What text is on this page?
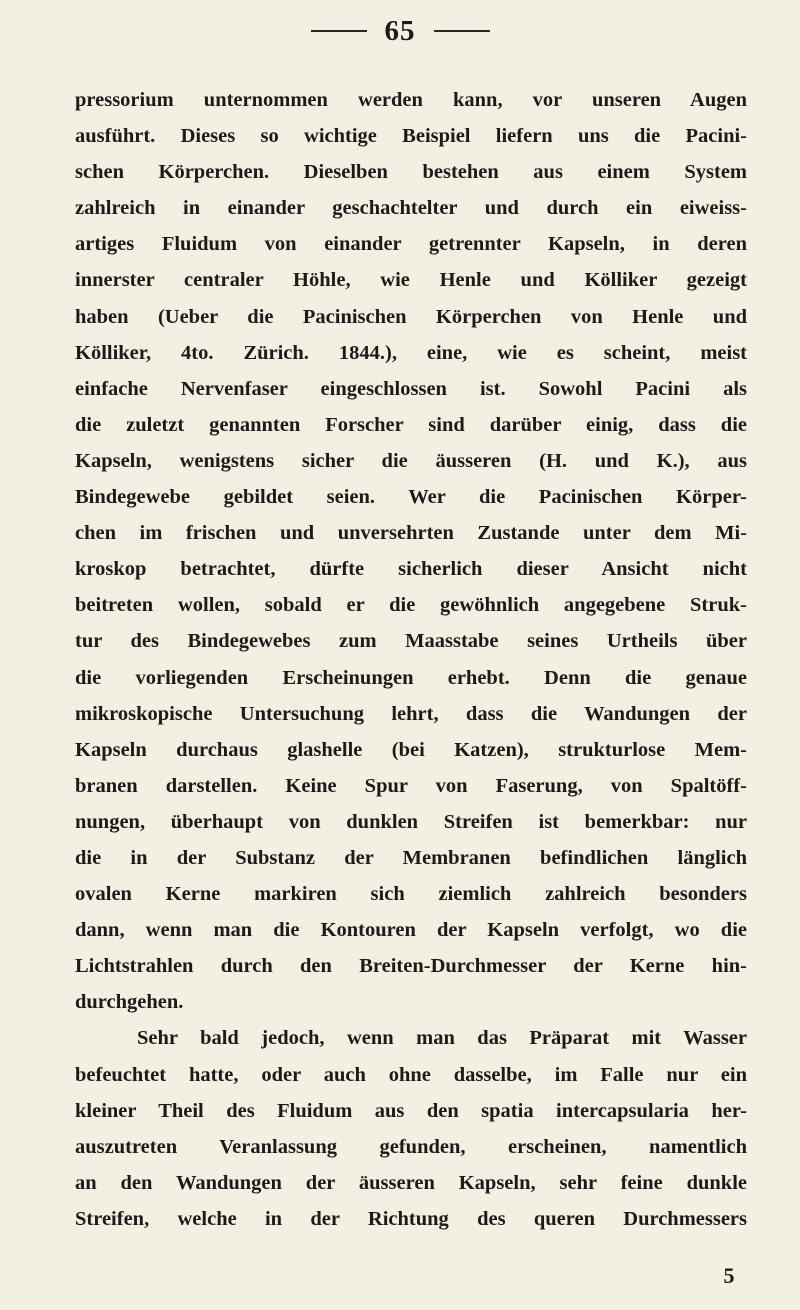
65
pressorium unternommen werden kann, vor unseren Augen
ausführt. Dieses so wichtige Beispiel liefern uns die Pacini-
schen Körperchen. Dieselben bestehen aus einem System
zahlreich in einander geschachtelter und durch ein eiweiss-
artiges Fluidum von einander getrennter Kapseln, in deren
innerster centraler Höhle, wie Henle und Kölliker gezeigt
haben (Ueber die Pacinischen Körperchen von Henle und
Kölliker, 4to. Zürich. 1844.), eine, wie es scheint, meist
einfache Nervenfaser eingeschlossen ist. Sowohl Pacini als
die zuletzt genannten Forscher sind darüber einig, dass die
Kapseln, wenigstens sicher die äusseren (H. und K.), aus
Bindegewebe gebildet seien. Wer die Pacinischen Körper-
chen im frischen und unversehrten Zustande unter dem Mi-
kroskop betrachtet, dürfte sicherlich dieser Ansicht nicht
beitreten wollen, sobald er die gewöhnlich angegebene Struk-
tur des Bindegewebes zum Maasstabe seines Urtheils über
die vorliegenden Erscheinungen erhebt. Denn die genaue
mikroskopische Untersuchung lehrt, dass die Wandungen der
Kapseln durchaus glashelle (bei Katzen), strukturlose Mem-
branen darstellen. Keine Spur von Faserung, von Spaltöff-
nungen, überhaupt von dunklen Streifen ist bemerkbar: nur
die in der Substanz der Membranen befindlichen länglich
ovalen Kerne markiren sich ziemlich zahlreich besonders
dann, wenn man die Kontouren der Kapseln verfolgt, wo die
Lichtstrahlen durch den Breiten-Durchmesser der Kerne hin-
durchgehen.
Sehr bald jedoch, wenn man das Präparat mit Wasser
befeuchtet hatte, oder auch ohne dasselbe, im Falle nur ein
kleiner Theil des Fluidum aus den spatia intercapsularia her-
auszutreten Veranlassung gefunden, erscheinen, namentlich
an den Wandungen der äusseren Kapseln, sehr feine dunkle
Streifen, welche in der Richtung des queren Durchmessers
5
